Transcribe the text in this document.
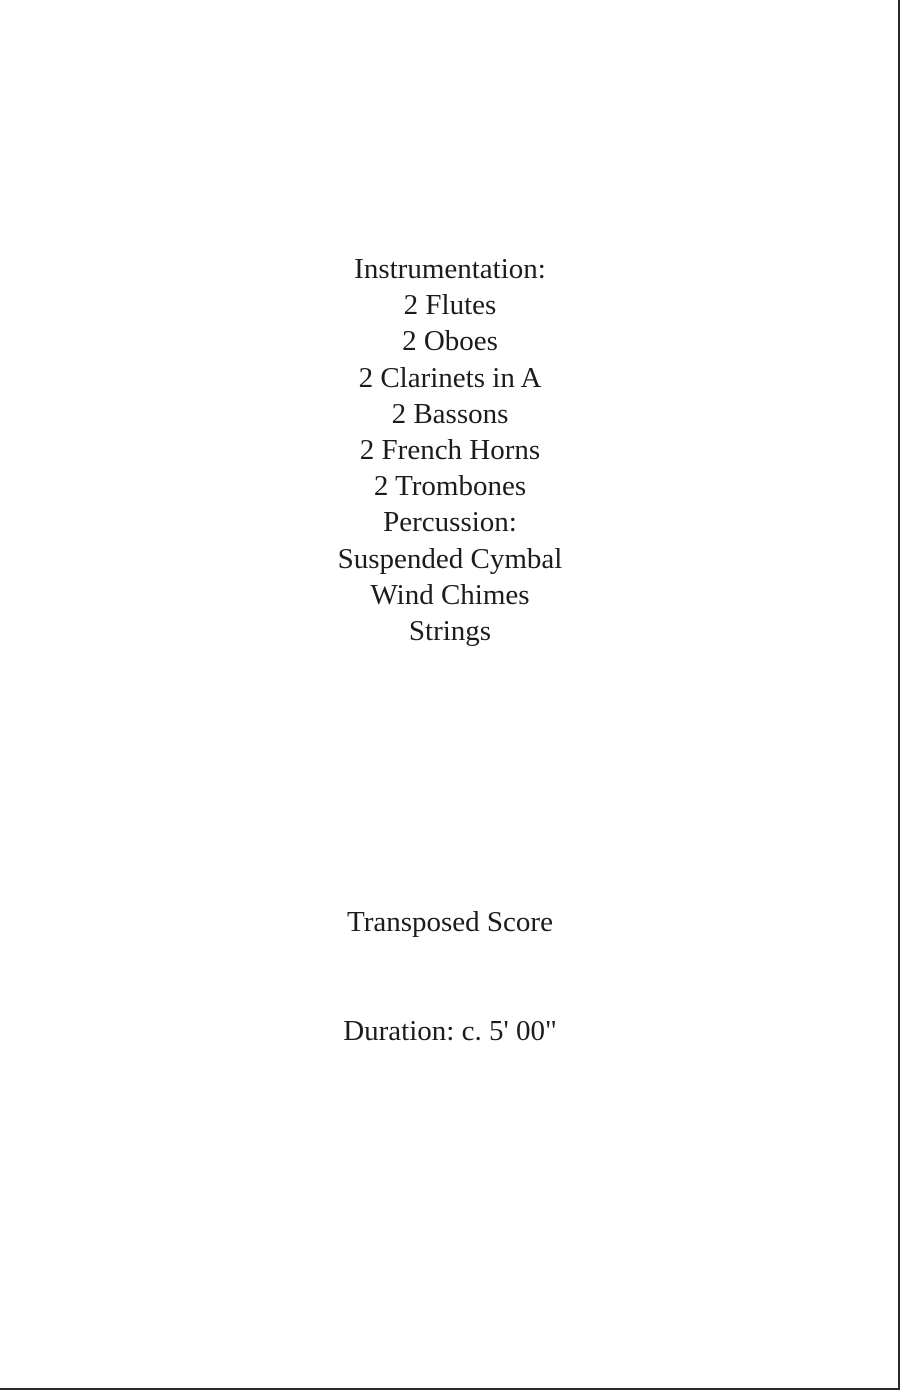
Instrumentation:
2 Flutes
2 Oboes
2 Clarinets in A
2 Bassons
2 French Horns
2 Trombones
Percussion:
Suspended Cymbal
Wind Chimes
Strings
Transposed Score
Duration: c. 5' 00"
